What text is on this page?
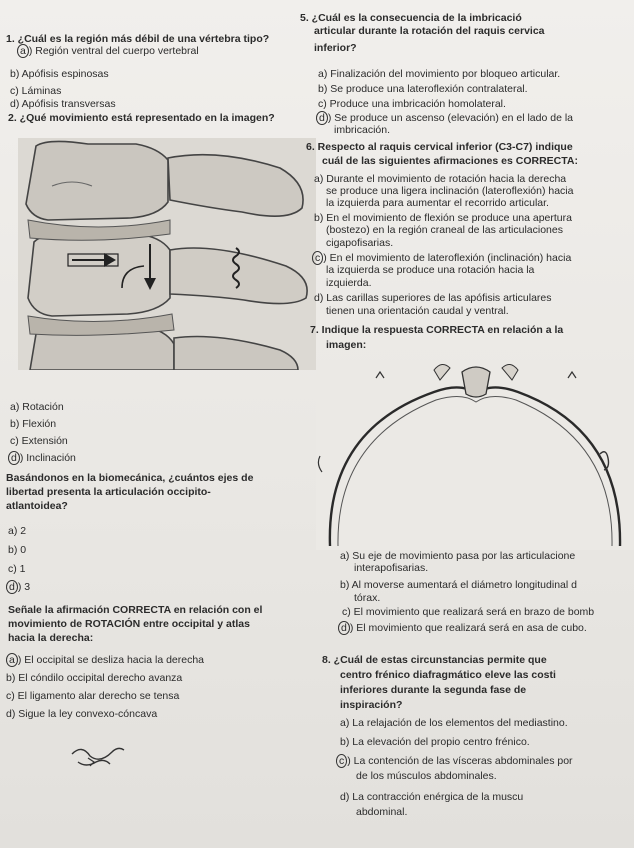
1. ¿Cuál es la región más débil de una vértebra tipo?
a ) Región ventral del cuerpo vertebral
b) Apófisis espinosas
c) Láminas
d) Apófisis transversas
2. ¿Qué movimiento está representado en la imagen?
a) Rotación
b) Flexión
c) Extensión
d ) Inclinación
Basándonos en la biomecánica, ¿cuántos ejes de
libertad presenta la articulación occipito-
atlantoidea?
a) 2
b) 0
c) 1
d ) 3
Señale la afirmación CORRECTA en relación con el
movimiento de ROTACIÓN entre occipital y atlas
hacia la derecha:
a ) El occipital se desliza hacia la derecha
b) El cóndilo occipital derecho avanza
c) El ligamento alar derecho se tensa
d) Sigue la ley convexo-cóncava
5. ¿Cuál es la consecuencia de la imbricació
articular durante la rotación del raquis cervica
inferior?
a) Finalización del movimiento por bloqueo articular.
b) Se produce una lateroflexión contralateral.
c) Produce una imbricación homolateral.
d ) Se produce un ascenso (elevación) en el lado de la
imbricación.
6. Respecto al raquis cervical inferior (C3-C7) indique
cuál de las siguientes afirmaciones es CORRECTA:
a) Durante el movimiento de rotación hacia la derecha
se produce una ligera inclinación (lateroflexión) hacia
la izquierda para aumentar el recorrido articular.
b) En el movimiento de flexión se produce una apertura
(bostezo) en la región craneal de las articulaciones
cigapofisarias.
c ) En el movimiento de lateroflexión (inclinación) hacia
la izquierda se produce una rotación hacia la
izquierda.
d) Las carillas superiores de las apófisis articulares
tienen una orientación caudal y ventral.
7. Indique la respuesta CORRECTA en relación a la
imagen:
a) Su eje de movimiento pasa por las articulacione
interapofisarias.
b) Al moverse aumentará el diámetro longitudinal d
tórax.
c) El movimiento que realizará será en brazo de bomb
d ) El movimiento que realizará será en asa de cubo.
8. ¿Cuál de estas circunstancias permite que
centro frénico diafragmático eleve las costi
inferiores durante la segunda fase de
inspiración?
a) La relajación de los elementos del mediastino.
b) La elevación del propio centro frénico.
c ) La contención de las vísceras abdominales por
de los músculos abdominales.
d) La contracción enérgica de la muscu
abdominal.
